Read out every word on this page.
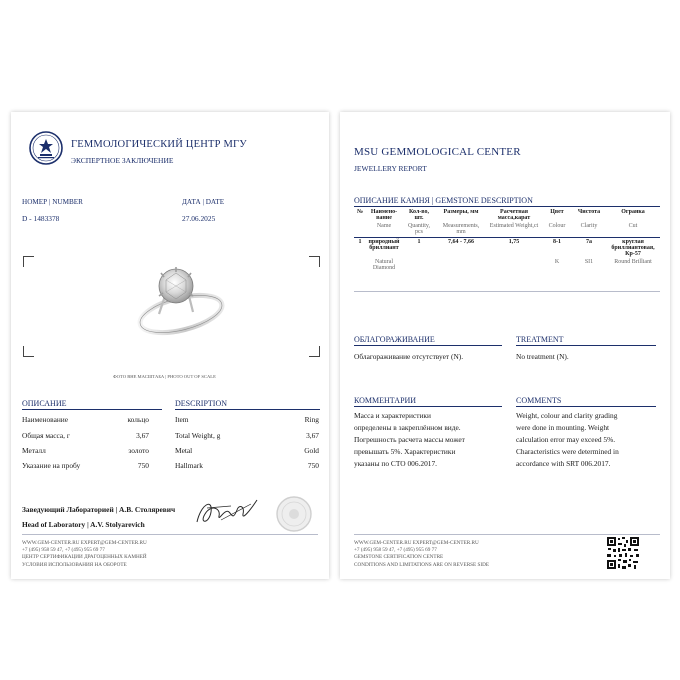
ГЕММОЛОГИЧЕСКИЙ ЦЕНТР МГУ
ЭКСПЕРТНОЕ ЗАКЛЮЧЕНИЕ
НОМЕР | NUMBER
D - 1483378
ДАТА | DATE
27.06.2025
ФОТО ВНЕ МАСШТАБА | PHOTO OUT OF SCALE
ОПИСАНИЕ	DESCRIPTION
Наименование	кольцо	Item	Ring
Общая масса, г	3,67	Total Weight, g	3,67
Металл	золото	Metal	Gold
Указание на пробу	750	Hallmark	750
Заведующий Лабораторией | А.В. Столяревич
Head of Laboratory | A.V. Stolyarevich
WWW.GEM-CENTER.RU EXPERT@GEM-CENTER.RU
+7 (495) 958 59 47, +7 (495) 955 69 77
ЦЕНТР СЕРТИФИКАЦИИ ДРАГОЦЕННЫХ КАМНЕЙ
УСЛОВИЯ ИСПОЛЬЗОВАНИЯ НА ОБОРОТЕ
MSU GEMMOLOGICAL CENTER
JEWELLERY REPORT
ОПИСАНИЕ КАМНЯ | GEMSTONE DESCRIPTION
№	Наимено-вание	Кол-во, шт.	Размеры, мм	Расчетная масса,карат	Цвет	Чистота	Огранка
	Name	Quantity, pcs	Measurements, mm	Estimated Weight,ct	Colour	Clarity	Cut

1	природный бриллиант	1	7,64 - 7,66	1,75	8-1	7а	круглая бриллиантовая, Кр-57
	Natural Diamond				K	SI1	Round Brilliant
ОБЛАГОРАЖИВАНИЕ	TREATMENT
Облагораживание отсутствует (N).	No treatment (N).
КОММЕНТАРИИ	COMMENTS
Масса и характеристики
определены в закреплённом виде.
Погрешность расчета массы может
превышать 5%. Характеристики
указаны по СТО 006.2017.
Weight, colour and clarity grading
were done in mounting. Weight
calculation error may exceed 5%.
Characteristics were determined in
accordance with SRT 006.2017.
WWW.GEM-CENTER.RU EXPERT@GEM-CENTER.RU
+7 (495) 958 59 47, +7 (495) 955 69 77
GEMSTONE CERTIFICATION CENTRE
CONDITIONS AND LIMITATIONS ARE ON REVERSE SIDE
